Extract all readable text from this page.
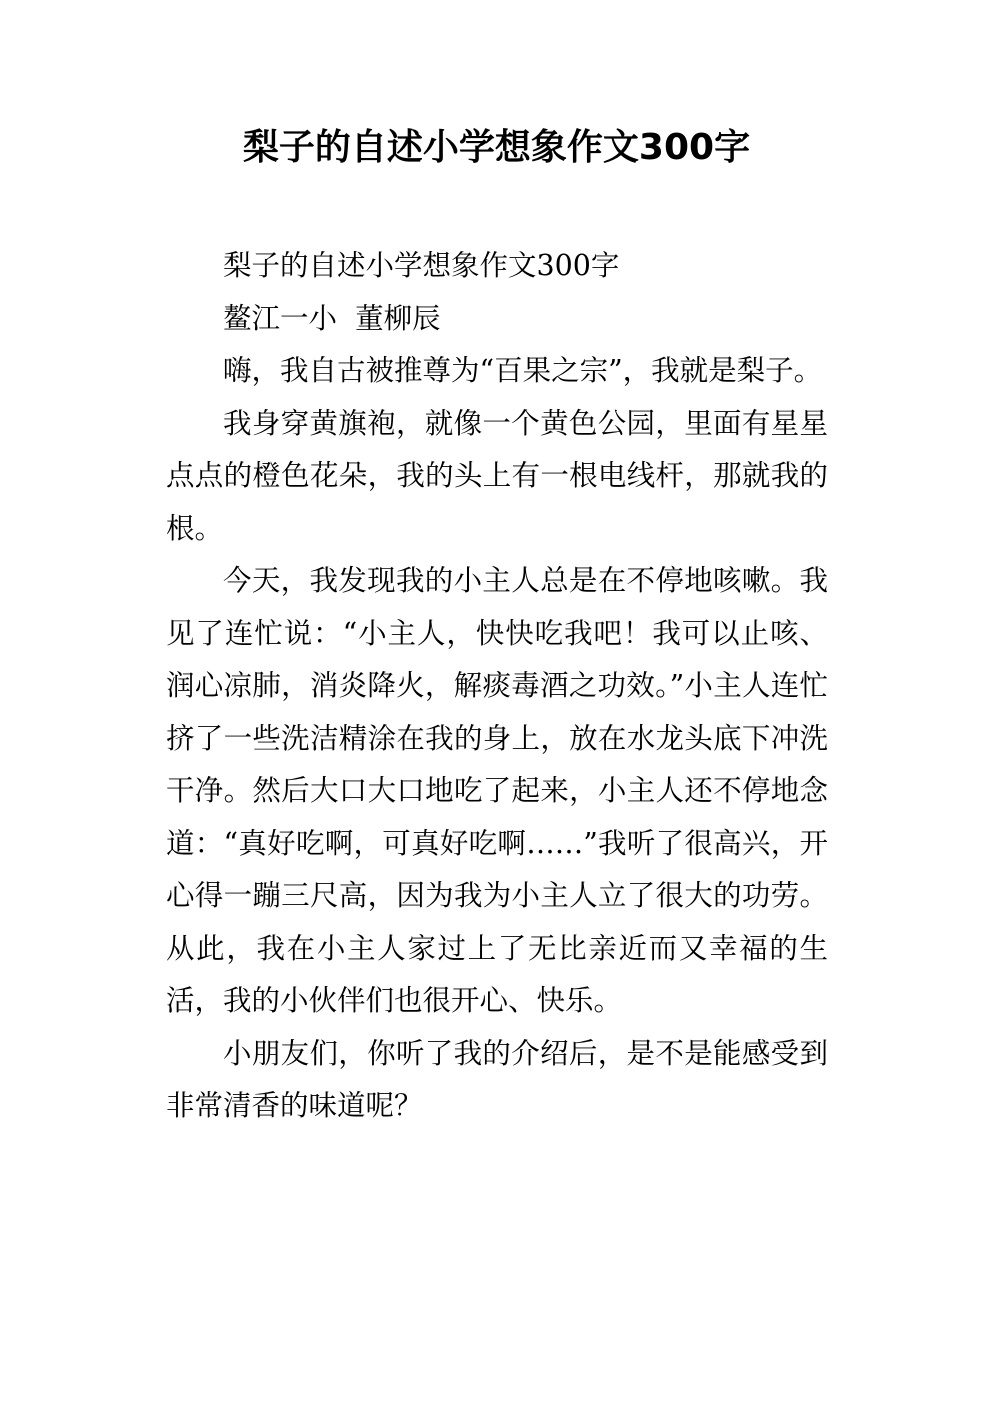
梨子的自述小学想象作文300字

梨子的自述小学想象作文300字

鳌江一小  董柳辰

嗨，我自古被推尊为“百果之宗”，我就是梨子。

我身穿黄旗袍，就像一个黄色公园，里面有星星点点的橙色花朵，我的头上有一根电线杆，那就我的根。

今天，我发现我的小主人总是在不停地咳嗽。我见了连忙说：“小主人，快快吃我吧！我可以止咳、润心凉肺，消炎降火，解痰毒酒之功效。”小主人连忙挤了一些洗洁精涂在我的身上，放在水龙头底下冲洗干净。然后大口大口地吃了起来，小主人还不停地念道：“真好吃啊，可真好吃啊……”我听了很高兴，开心得一蹦三尺高，因为我为小主人立了很大的功劳。从此，我在小主人家过上了无比亲近而又幸福的生活，我的小伙伴们也很开心、快乐。

小朋友们，你听了我的介绍后，是不是能感受到非常清香的味道呢？
